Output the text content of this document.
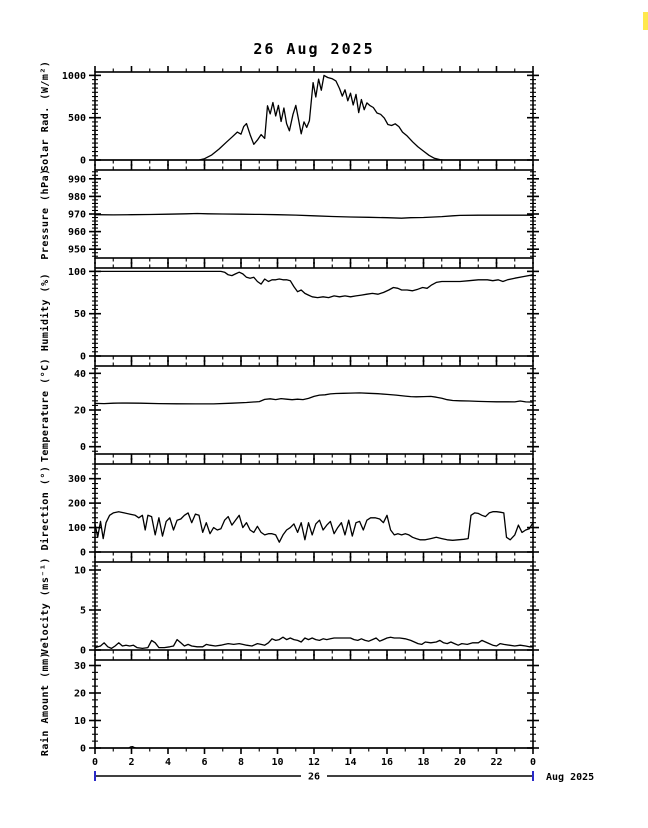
26 Aug 2025
0
500
1000
Solar Rad. (W/m²)
950
960
970
980
990
Pressure (hPa)
0
50
100
Humidity (%)
0
20
40
Temperature (°C)
0
100
200
300
Direction (°)
0
5
10
Velocity (ms⁻¹)
0
10
20
30
Rain Amount (mm)
0	2	4	6	8	10 12 14 16 18 20 22	0
26	Aug 2025
